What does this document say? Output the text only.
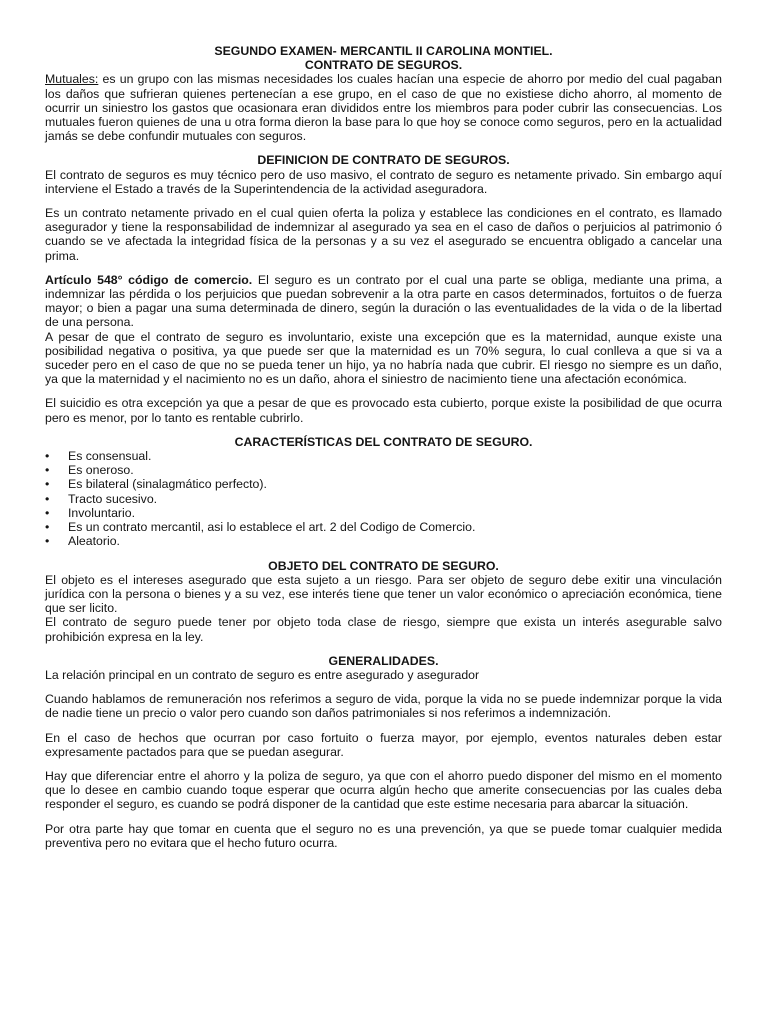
SEGUNDO EXAMEN- MERCANTIL II CAROLINA MONTIEL.

CONTRATO DE SEGUROS.

Mutuales: es un grupo con las mismas necesidades los cuales hacían una especie de ahorro por medio del cual pagaban los daños que sufrieran quienes pertenecían a ese grupo, en el caso de que no existiese dicho ahorro, al momento de ocurrir un siniestro los gastos que ocasionara eran divididos entre los miembros para poder cubrir las consecuencias. Los mutuales fueron quienes de una u otra forma dieron la base para lo que hoy se conoce como seguros, pero en la actualidad jamás se debe confundir mutuales con seguros.

DEFINICION DE CONTRATO DE SEGUROS.

El contrato de seguros es muy técnico pero de uso masivo, el contrato de seguro es netamente privado. Sin embargo aquí interviene el Estado a través de la Superintendencia de la actividad aseguradora.

Es un contrato netamente privado en el cual quien oferta la poliza y establece las condiciones en el contrato, es llamado asegurador y tiene la responsabilidad de indemnizar al asegurado ya sea en el caso de daños o perjuicios al patrimonio ó cuando se ve afectada la integridad física de la personas y a su vez el asegurado se encuentra obligado a cancelar una prima.

Artículo 548° código de comercio. El seguro es un contrato por el cual una parte se obliga, mediante una prima, a indemnizar las pérdida o los perjuicios que puedan sobrevenir a la otra parte en casos determinados, fortuitos o de fuerza mayor; o bien a pagar una suma determinada de dinero, según la duración o las eventualidades de la vida o de la libertad de una persona.

A pesar de que el contrato de seguro es involuntario, existe una excepción que es la maternidad, aunque existe una posibilidad negativa o positiva, ya que puede ser que la maternidad es un 70% segura, lo cual conlleva a que si va a suceder pero en el caso de que no se pueda tener un hijo, ya no habría nada que cubrir. El riesgo no siempre es un daño, ya que la maternidad y el nacimiento no es un daño, ahora el siniestro de nacimiento tiene una afectación económica.

El suicidio es otra excepción ya que a pesar de que es provocado esta cubierto, porque existe la posibilidad de que ocurra pero es menor, por lo tanto es rentable cubrirlo.

CARACTERÍSTICAS DEL CONTRATO DE SEGURO.

• Es consensual.
• Es oneroso.
• Es bilateral (sinalagmático perfecto).
• Tracto sucesivo.
• Involuntario.
• Es un contrato mercantil, asi lo establece el art. 2 del Codigo de Comercio.
• Aleatorio.

OBJETO DEL CONTRATO DE SEGURO.

El objeto es el intereses asegurado que esta sujeto a un riesgo. Para ser objeto de seguro debe exitir una vinculación jurídica con la persona o bienes y a su vez, ese interés tiene que tener un valor económico o apreciación económica, tiene que ser licito.

El contrato de seguro puede tener por objeto toda clase de riesgo, siempre que exista un interés asegurable salvo prohibición expresa en la ley.

GENERALIDADES.

La relación principal en un contrato de seguro es entre asegurado y asegurador

Cuando hablamos de remuneración nos referimos a seguro de vida, porque la vida no se puede indemnizar porque la vida de nadie tiene un precio o valor pero cuando son daños patrimoniales si nos referimos a indemnización.

En el caso de hechos que ocurran por caso fortuito o fuerza mayor, por ejemplo, eventos naturales deben estar expresamente pactados para que se puedan asegurar.

Hay que diferenciar entre el ahorro y la poliza de seguro, ya que con el ahorro puedo disponer del mismo en el momento que lo desee en cambio cuando toque esperar que ocurra algún hecho que amerite consecuencias por las cuales deba responder el seguro, es cuando se podrá disponer de la cantidad que este estime necesaria para abarcar la situación.

Por otra parte hay que tomar en cuenta que el seguro no es una prevención, ya que se puede tomar cualquier medida preventiva pero no evitara que el hecho futuro ocurra.
